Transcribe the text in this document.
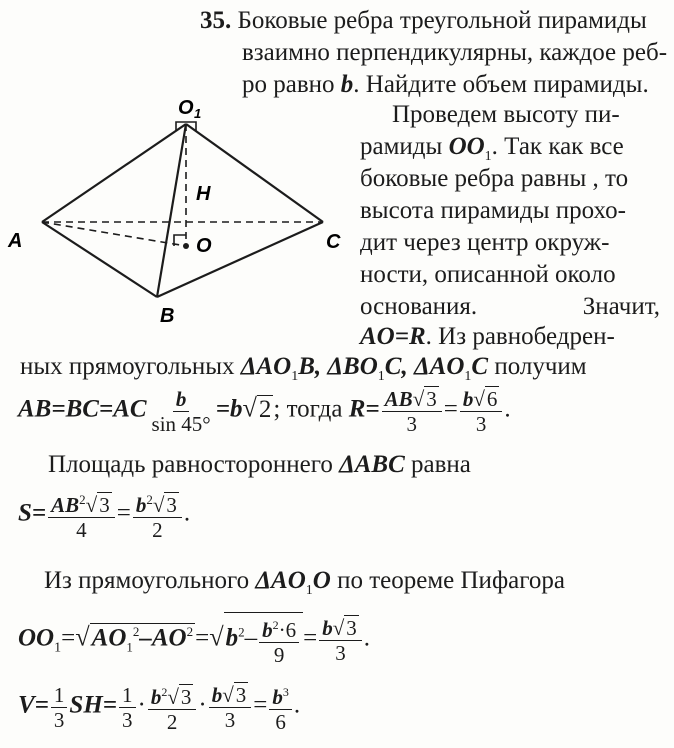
35. Боковые ребра треугольной пирамиды
взаимно перпендикулярны, каждое реб-
ро равно b. Найдите объем пирамиды.
O 1
A
B
C
O
H
Проведем высоту пи-
рамиды $OO_1$. Так как все
боковые ребра равны , то
высота пирамиды прохо-
дит через центр окруж-
ности, описанной около
основания.	Значит,
AO=R. Из равнобедрен-
ных прямоугольных $\Delta AO_1B$, $\Delta BO_1C$, $\Delta AO_1C$ получим
$AB=BC=AC \frac{b}{\sin 45^\circ} =b√2$; тогда $R= \frac{AB√3}{3} = \frac{b√6}{3}$ .
Площадь равностороннего ΔABC равна
$S= \frac{AB^2√3}{4} = \frac{b^2√3}{2}$ .
Из прямоугольного $\Delta AO_1O$ по теореме Пифагора
$OO_1=√AO_1^2-AO^2=√b^2- \frac{b^2\cdot 6}{9} = \frac{b√3}{3}$ .
$V= \frac{1}{3} SH= \frac{1}{3} \cdot \frac{b^2√3}{2} \cdot \frac{b√3}{3} = \frac{b^3}{6}$ .
